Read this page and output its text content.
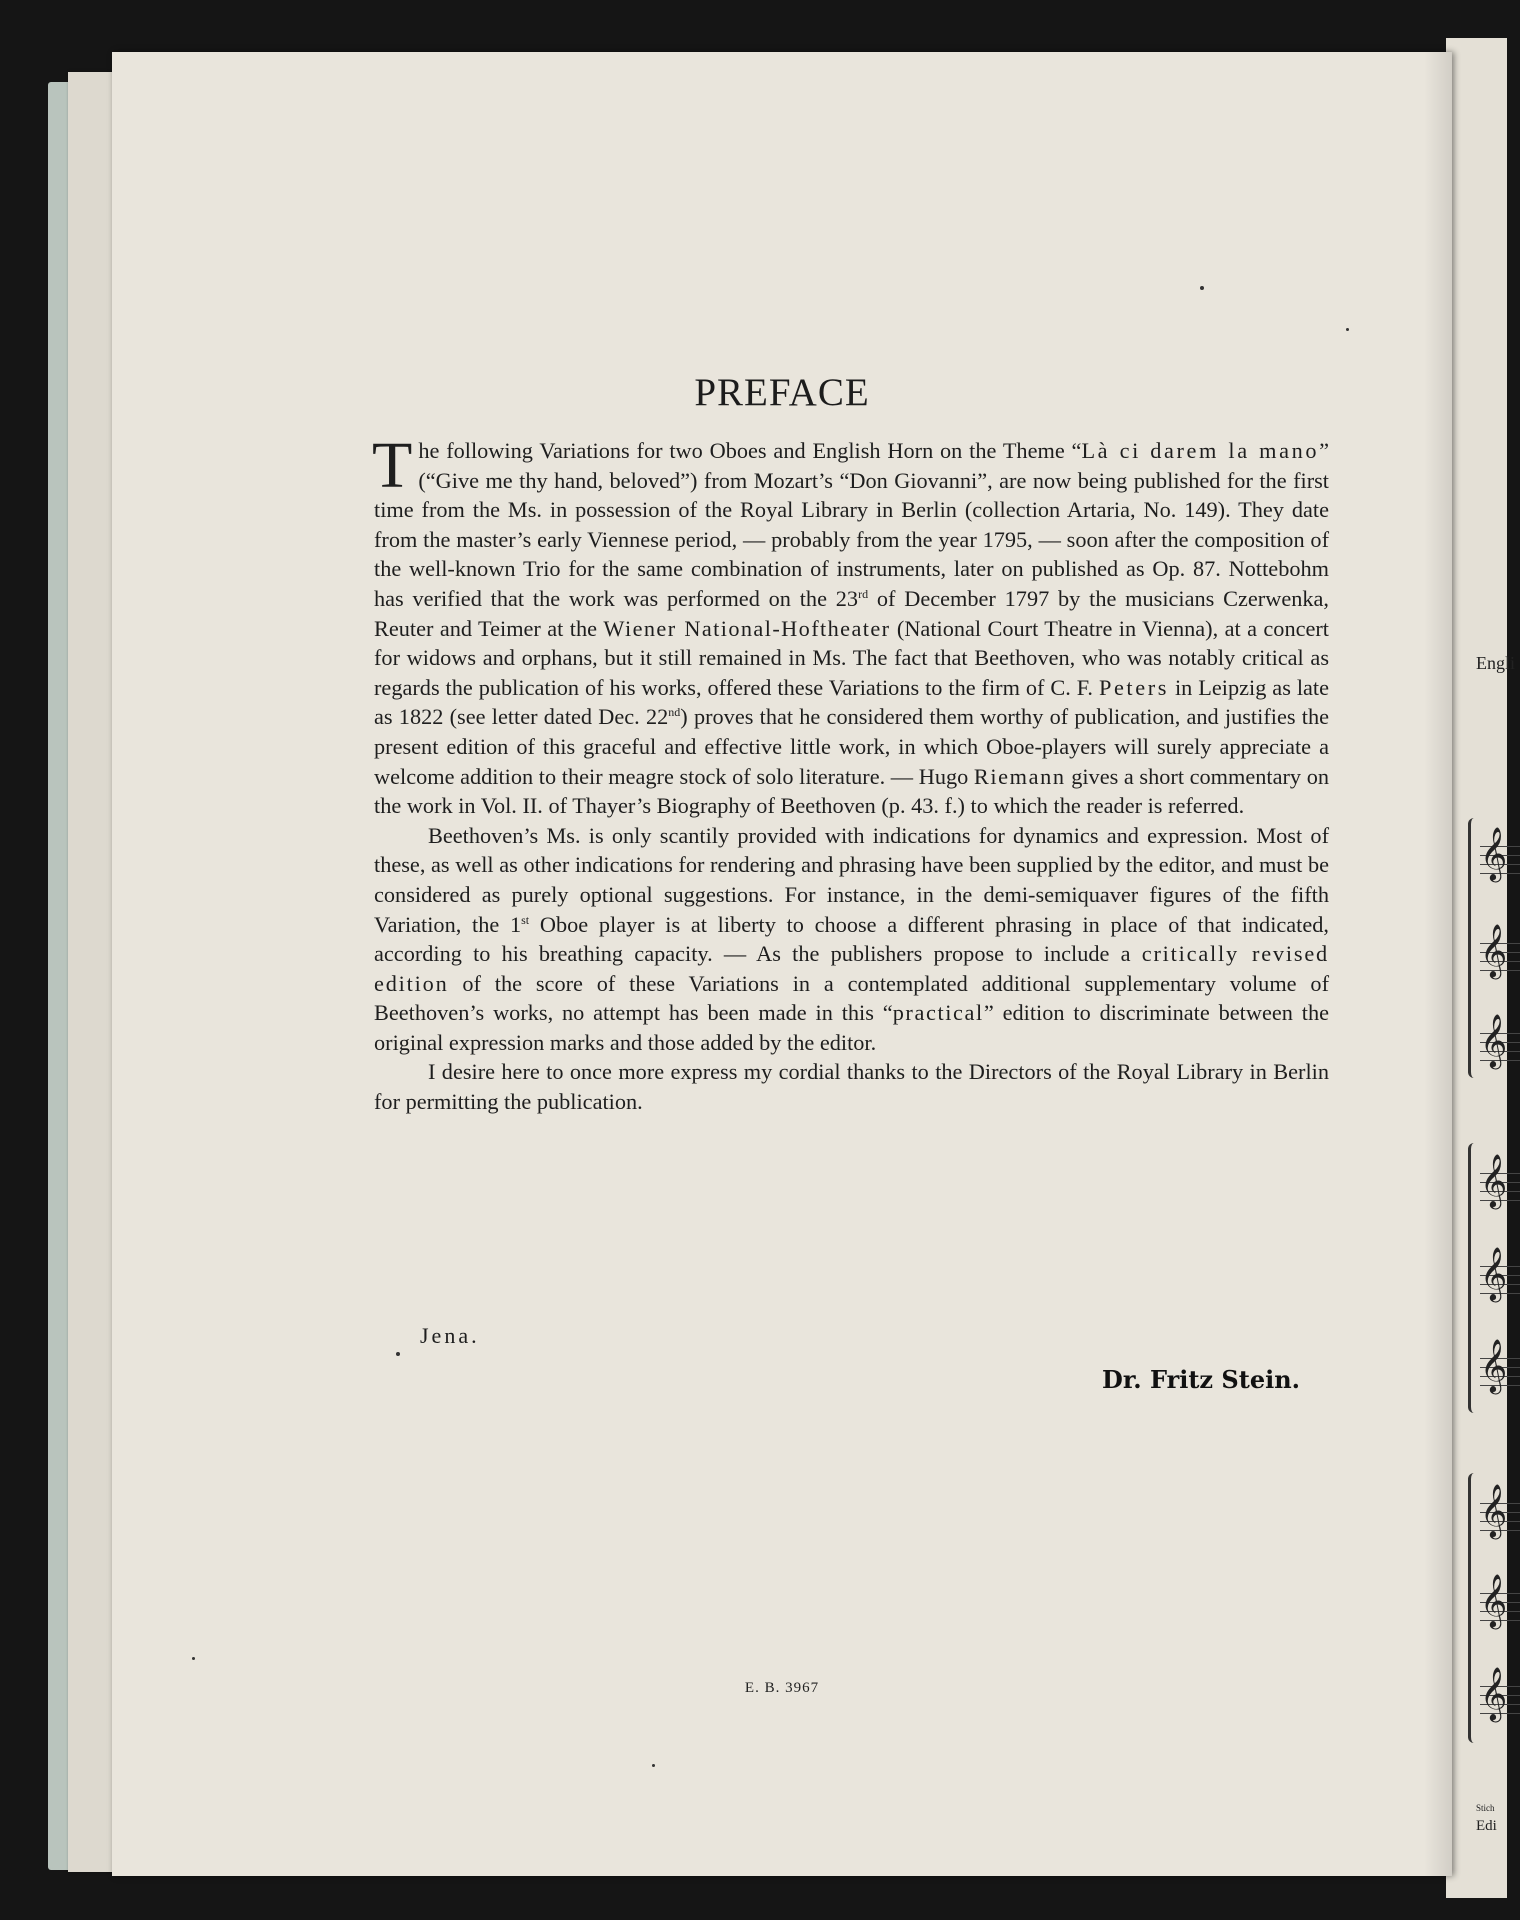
Engli
𝄞
𝄞
𝄞
𝄞
𝄞
𝄞
𝄞
𝄞
𝄞
Stich
Edi
PREFACE

The following Variations for two Oboes and English Horn on the Theme “Là ci darem la mano” (“Give me thy hand, beloved”) from Mozart’s “Don Giovanni”, are now being published for the first time from the Ms. in possession of the Royal Library in Berlin (collection Artaria, No. 149). They date from the master’s early Viennese period, — probably from the year 1795, — soon after the composition of the well-known Trio for the same combination of instruments, later on published as Op. 87. Nottebohm has verified that the work was performed on the 23rd of December 1797 by the musicians Czerwenka, Reuter and Teimer at the Wiener National-Hoftheater (National Court Theatre in Vienna), at a concert for widows and orphans, but it still remained in Ms. The fact that Beethoven, who was notably critical as regards the publication of his works, offered these Variations to the firm of C. F. Peters in Leipzig as late as 1822 (see letter dated Dec. 22nd) proves that he considered them worthy of publication, and justifies the present edition of this graceful and effective little work, in which Oboe-players will surely appreciate a welcome addition to their meagre stock of solo literature. — Hugo Riemann gives a short commentary on the work in Vol. II. of Thayer’s Biography of Beethoven (p. 43. f.) to which the reader is referred.

Beethoven’s Ms. is only scantily provided with indications for dynamics and expression. Most of these, as well as other indications for rendering and phrasing have been supplied by the editor, and must be considered as purely optional suggestions. For instance, in the demi-semiquaver figures of the fifth Variation, the 1st Oboe player is at liberty to choose a different phrasing in place of that indicated, according to his breathing capacity. — As the publishers propose to include a critically revised edition of the score of these Variations in a contemplated additional supplementary volume of Beethoven’s works, no attempt has been made in this “practical” edition to discriminate between the original expression marks and those added by the editor.

I desire here to once more express my cordial thanks to the Directors of the Royal Library in Berlin for permitting the publication.

Jena.
Dr. Fritz Stein.
E. B. 3967
